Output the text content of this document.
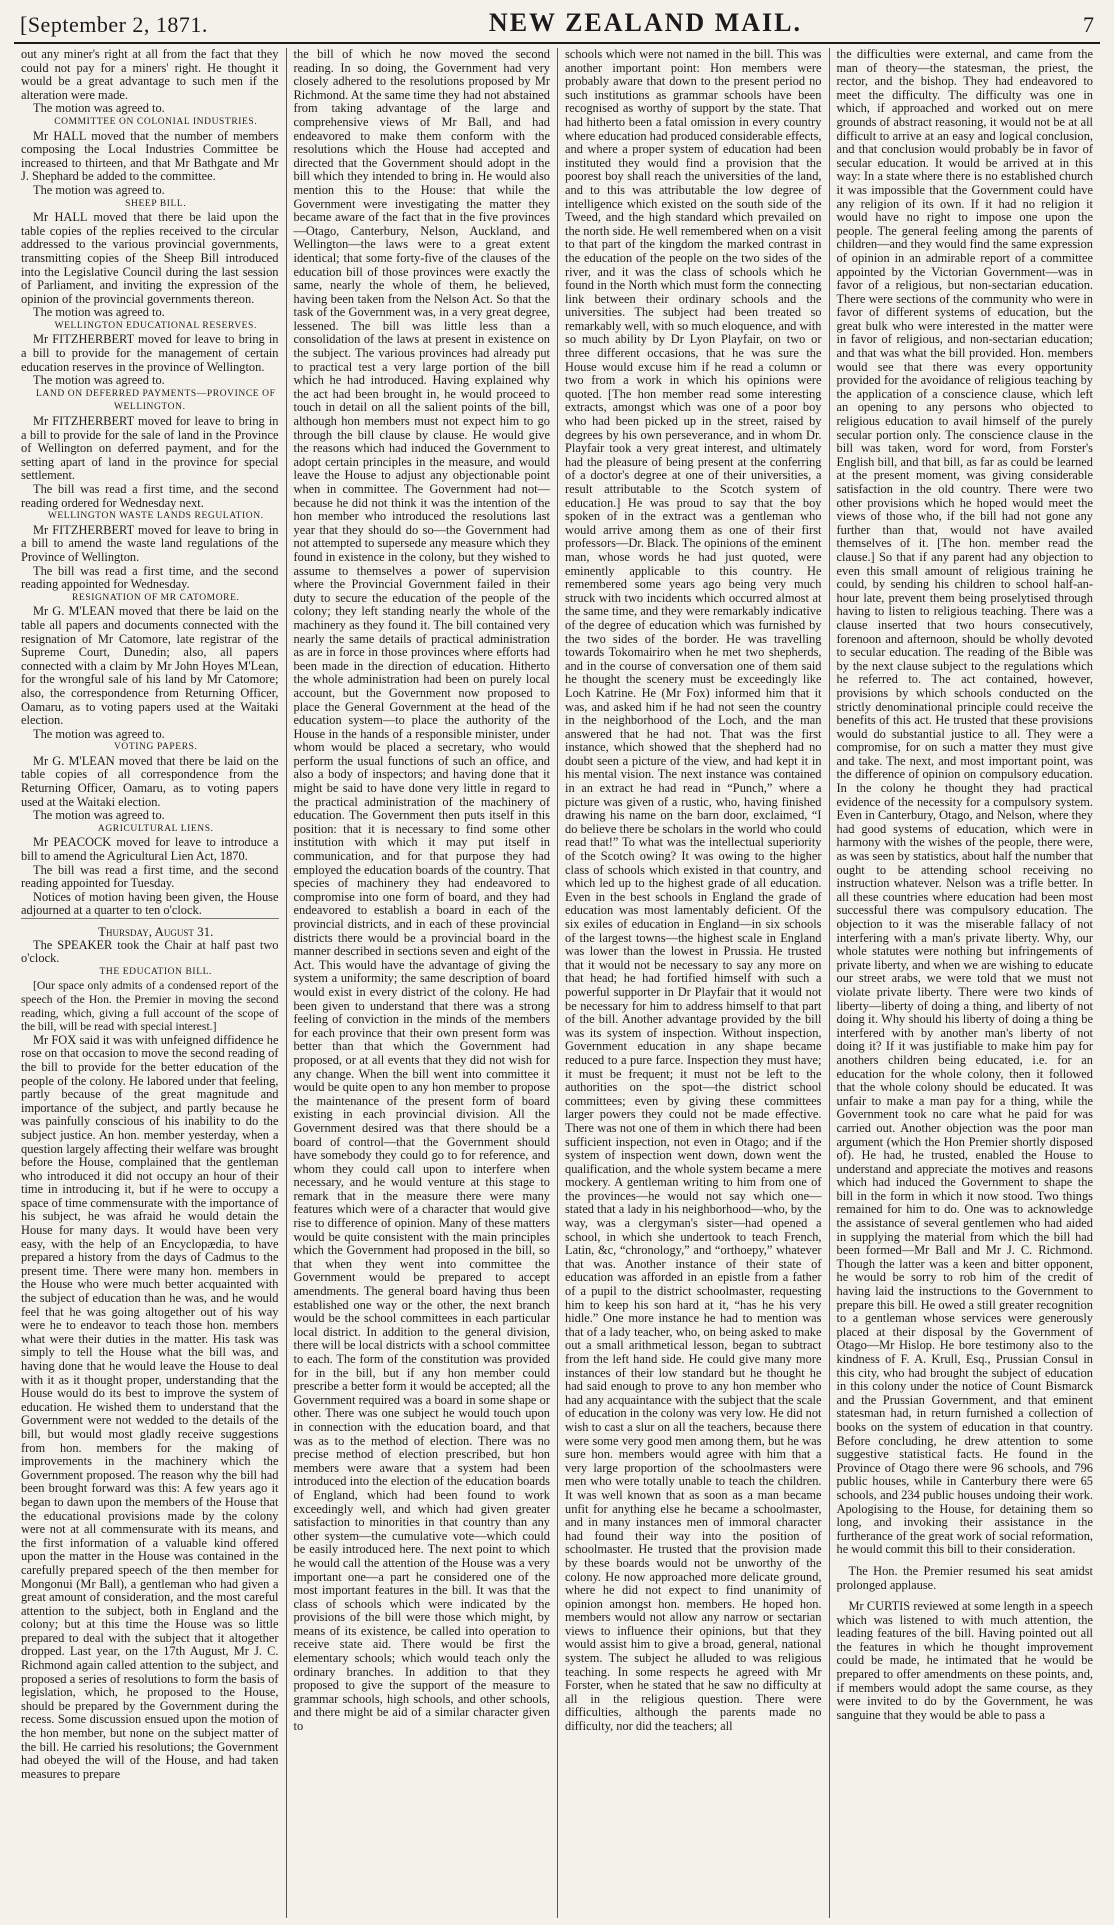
[September 2, 1871.	NEW ZEALAND MAIL.	7

out any miner's right at all from the fact that they could not pay for a miners' right. He thought it would be a great advantage to such men if the alteration were made.

The motion was agreed to.

COMMITTEE ON COLONIAL INDUSTRIES.

Mr HALL moved that the number of members composing the Local Industries Committee be increased to thirteen, and that Mr Bathgate and Mr J. Shephard be added to the committee.

The motion was agreed to.

SHEEP BILL.

Mr HALL moved that there be laid upon the table copies of the replies received to the circular addressed to the various provincial governments, transmitting copies of the Sheep Bill introduced into the Legislative Council during the last session of Parliament, and inviting the expression of the opinion of the provincial governments thereon.

The motion was agreed to.

WELLINGTON EDUCATIONAL RESERVES.

Mr FITZHERBERT moved for leave to bring in a bill to provide for the management of certain education reserves in the province of Wellington.

The motion was agreed to.

LAND ON DEFERRED PAYMENTS—PROVINCE OF WELLINGTON.

Mr FITZHERBERT moved for leave to bring in a bill to provide for the sale of land in the Province of Wellington on deferred payment, and for the setting apart of land in the province for special settlement.

The bill was read a first time, and the second reading ordered for Wednesday next.

WELLINGTON WASTE LANDS REGULATION.

Mr FITZHERBERT moved for leave to bring in a bill to amend the waste land regulations of the Province of Wellington.

The bill was read a first time, and the second reading appointed for Wednesday.

RESIGNATION OF MR CATOMORE.

Mr G. M'LEAN moved that there be laid on the table all papers and documents connected with the resignation of Mr Catomore, late registrar of the Supreme Court, Dunedin; also, all papers connected with a claim by Mr John Hoyes M'Lean, for the wrongful sale of his land by Mr Catomore; also, the correspondence from Returning Officer, Oamaru, as to voting papers used at the Waitaki election.

The motion was agreed to.

VOTING PAPERS.

Mr G. M'LEAN moved that there be laid on the table copies of all correspondence from the Returning Officer, Oamaru, as to voting papers used at the Waitaki election.

The motion was agreed to.

AGRICULTURAL LIENS.

Mr PEACOCK moved for leave to introduce a bill to amend the Agricultural Lien Act, 1870.

The bill was read a first time, and the second reading appointed for Tuesday.

Notices of motion having been given, the House adjourned at a quarter to ten o'clock.

Thursday, August 31.

The SPEAKER took the Chair at half past two o'clock.

THE EDUCATION BILL.

[Our space only admits of a condensed report of the speech of the Hon. the Premier in moving the second reading, which, giving a full account of the scope of the bill, will be read with special interest.]

Mr FOX said it was with unfeigned diffidence he rose on that occasion to move the second reading of the bill to provide for the better education of the people of the colony. He labored under that feeling, partly because of the great magnitude and importance of the subject, and partly because he was painfully conscious of his inability to do the subject justice. An hon. member yesterday, when a question largely affecting their welfare was brought before the House, complained that the gentleman who introduced it did not occupy an hour of their time in introducing it, but if he were to occupy a space of time commensurate with the importance of his subject, he was afraid he would detain the House for many days. It would have been very easy, with the help of an Encyclopædia, to have prepared a history from the days of Cadmus to the present time. There were many hon. members in the House who were much better acquainted with the subject of education than he was, and he would feel that he was going altogether out of his way were he to endeavor to teach those hon. members what were their duties in the matter. His task was simply to tell the House what the bill was, and having done that he would leave the House to deal with it as it thought proper, understanding that the House would do its best to improve the system of education. He wished them to understand that the Government were not wedded to the details of the bill, but would most gladly receive suggestions from hon. members for the making of improvements in the machinery which the Government proposed. The reason why the bill had been brought forward was this: A few years ago it began to dawn upon the members of the House that the educational provisions made by the colony were not at all commensurate with its means, and the first information of a valuable kind offered upon the matter in the House was contained in the carefully prepared speech of the then member for Mongonui (Mr Ball), a gentleman who had given a great amount of consideration, and the most careful attention to the subject, both in England and the colony; but at this time the House was so little prepared to deal with the subject that it altogether dropped. Last year, on the 17th August, Mr J. C. Richmond again called attention to the subject, and proposed a series of resolutions to form the basis of legislation, which, he proposed to the House, should be prepared by the Government during the recess. Some discussion ensued upon the motion of the hon member, but none on the subject matter of the bill. He carried his resolutions; the Government had obeyed the will of the House, and had taken measures to prepare

the bill of which he now moved the second reading. In so doing, the Government had very closely adhered to the resolutions proposed by Mr Richmond. At the same time they had not abstained from taking advantage of the large and comprehensive views of Mr Ball, and had endeavored to make them conform with the resolutions which the House had accepted and directed that the Government should adopt in the bill which they intended to bring in. He would also mention this to the House: that while the Government were investigating the matter they became aware of the fact that in the five provinces—Otago, Canterbury, Nelson, Auckland, and Wellington—the laws were to a great extent identical; that some forty-five of the clauses of the education bill of those provinces were exactly the same, nearly the whole of them, he believed, having been taken from the Nelson Act. So that the task of the Government was, in a very great degree, lessened. The bill was little less than a consolidation of the laws at present in existence on the subject. The various provinces had already put to practical test a very large portion of the bill which he had introduced. Having explained why the act had been brought in, he would proceed to touch in detail on all the salient points of the bill, although hon members must not expect him to go through the bill clause by clause. He would give the reasons which had induced the Government to adopt certain principles in the measure, and would leave the House to adjust any objectionable point when in committee. The Government had not—because he did not think it was the intention of the hon member who introduced the resolutions last year that they should do so—the Government had not attempted to supersede any measure which they found in existence in the colony, but they wished to assume to themselves a power of supervision where the Provincial Government failed in their duty to secure the education of the people of the colony; they left standing nearly the whole of the machinery as they found it. The bill contained very nearly the same details of practical administration as are in force in those provinces where efforts had been made in the direction of education. Hitherto the whole administration had been on purely local account, but the Government now proposed to place the General Government at the head of the education system—to place the authority of the House in the hands of a responsible minister, under whom would be placed a secretary, who would perform the usual functions of such an office, and also a body of inspectors; and having done that it might be said to have done very little in regard to the practical administration of the machinery of education. The Government then puts itself in this position: that it is necessary to find some other institution with which it may put itself in communication, and for that purpose they had employed the education boards of the country. That species of machinery they had endeavored to compromise into one form of board, and they had endeavored to establish a board in each of the provincial districts, and in each of these provincial districts there would be a provincial board in the manner described in sections seven and eight of the Act. This would have the advantage of giving the system a uniformity; the same description of board would exist in every district of the colony. He had been given to understand that there was a strong feeling of conviction in the minds of the members for each province that their own present form was better than that which the Government had proposed, or at all events that they did not wish for any change. When the bill went into committee it would be quite open to any hon member to propose the maintenance of the present form of board existing in each provincial division. All the Government desired was that there should be a board of control—that the Government should have somebody they could go to for reference, and whom they could call upon to interfere when necessary, and he would venture at this stage to remark that in the measure there were many features which were of a character that would give rise to difference of opinion. Many of these matters would be quite consistent with the main principles which the Government had proposed in the bill, so that when they went into committee the Government would be prepared to accept amendments. The general board having thus been established one way or the other, the next branch would be the school committees in each particular local district. In addition to the general division, there will be local districts with a school committee to each. The form of the constitution was provided for in the bill, but if any hon member could prescribe a better form it would be accepted; all the Government required was a board in some shape or other. There was one subject he would touch upon in connection with the education board, and that was as to the method of election. There was no precise method of election prescribed, but hon members were aware that a system had been introduced into the election of the education boards of England, which had been found to work exceedingly well, and which had given greater satisfaction to minorities in that country than any other system—the cumulative vote—which could be easily introduced here. The next point to which he would call the attention of the House was a very important one—a part he considered one of the most important features in the bill. It was that the class of schools which were indicated by the provisions of the bill were those which might, by means of its existence, be called into operation to receive state aid. There would be first the elementary schools; which would teach only the ordinary branches. In addition to that they proposed to give the support of the measure to grammar schools, high schools, and other schools, and there might be aid of a similar character given to

schools which were not named in the bill. This was another important point: Hon members were probably aware that down to the present period no such institutions as grammar schools have been recognised as worthy of support by the state. That had hitherto been a fatal omission in every country where education had produced considerable effects, and where a proper system of education had been instituted they would find a provision that the poorest boy shall reach the universities of the land, and to this was attributable the low degree of intelligence which existed on the south side of the Tweed, and the high standard which prevailed on the north side. He well remembered when on a visit to that part of the kingdom the marked contrast in the education of the people on the two sides of the river, and it was the class of schools which he found in the North which must form the connecting link between their ordinary schools and the universities. The subject had been treated so remarkably well, with so much eloquence, and with so much ability by Dr Lyon Playfair, on two or three different occasions, that he was sure the House would excuse him if he read a column or two from a work in which his opinions were quoted. [The hon member read some interesting extracts, amongst which was one of a poor boy who had been picked up in the street, raised by degrees by his own perseverance, and in whom Dr. Playfair took a very great interest, and ultimately had the pleasure of being present at the conferring of a doctor's degree at one of their universities, a result attributable to the Scotch system of education.] He was proud to say that the boy spoken of in the extract was a gentleman who would arrive among them as one of their first professors—Dr. Black. The opinions of the eminent man, whose words he had just quoted, were eminently applicable to this country. He remembered some years ago being very much struck with two incidents which occurred almost at the same time, and they were remarkably indicative of the degree of education which was furnished by the two sides of the border. He was travelling towards Tokomairiro when he met two shepherds, and in the course of conversation one of them said he thought the scenery must be exceedingly like Loch Katrine. He (Mr Fox) informed him that it was, and asked him if he had not seen the country in the neighborhood of the Loch, and the man answered that he had not. That was the first instance, which showed that the shepherd had no doubt seen a picture of the view, and had kept it in his mental vision. The next instance was contained in an extract he had read in “Punch,” where a picture was given of a rustic, who, having finished drawing his name on the barn door, exclaimed, “I do believe there be scholars in the world who could read that!” To what was the intellectual superiority of the Scotch owing? It was owing to the higher class of schools which existed in that country, and which led up to the highest grade of all education. Even in the best schools in England the grade of education was most lamentably deficient. Of the six exiles of education in England—in six schools of the largest towns—the highest scale in England was lower than the lowest in Prussia. He trusted that it would not be necessary to say any more on that head; he had fortified himself with such a powerful supporter in Dr Playfair that it would not be necessary for him to address himself to that part of the bill. Another advantage provided by the bill was its system of inspection. Without inspection, Government education in any shape became reduced to a pure farce. Inspection they must have; it must be frequent; it must not be left to the authorities on the spot—the district school committees; even by giving these committees larger powers they could not be made effective. There was not one of them in which there had been sufficient inspection, not even in Otago; and if the system of inspection went down, down went the qualification, and the whole system became a mere mockery. A gentleman writing to him from one of the provinces—he would not say which one—stated that a lady in his neighborhood—who, by the way, was a clergyman's sister—had opened a school, in which she undertook to teach French, Latin, &c, “chronology,” and “orthoepy,” whatever that was. Another instance of their state of education was afforded in an epistle from a father of a pupil to the district schoolmaster, requesting him to keep his son hard at it, “has he his very hidle.” One more instance he had to mention was that of a lady teacher, who, on being asked to make out a small arithmetical lesson, began to subtract from the left hand side. He could give many more instances of their low standard but he thought he had said enough to prove to any hon member who had any acquaintance with the subject that the scale of education in the colony was very low. He did not wish to cast a slur on all the teachers, because there were some very good men among them, but he was sure hon. members would agree with him that a very large proportion of the schoolmasters were men who were totally unable to teach the children. It was well known that as soon as a man became unfit for anything else he became a schoolmaster, and in many instances men of immoral character had found their way into the position of schoolmaster. He trusted that the provision made by these boards would not be unworthy of the colony. He now approached more delicate ground, where he did not expect to find unanimity of opinion amongst hon. members. He hoped hon. members would not allow any narrow or sectarian views to influence their opinions, but that they would assist him to give a broad, general, national system. The subject he alluded to was religious teaching. In some respects he agreed with Mr Forster, when he stated that he saw no difficulty at all in the religious question. There were difficulties, although the parents made no difficulty, nor did the teachers; all

the difficulties were external, and came from the man of theory—the statesman, the priest, the rector, and the bishop. They had endeavored to meet the difficulty. The difficulty was one in which, if approached and worked out on mere grounds of abstract reasoning, it would not be at all difficult to arrive at an easy and logical conclusion, and that conclusion would probably be in favor of secular education. It would be arrived at in this way: In a state where there is no established church it was impossible that the Government could have any religion of its own. If it had no religion it would have no right to impose one upon the people. The general feeling among the parents of children—and they would find the same expression of opinion in an admirable report of a committee appointed by the Victorian Government—was in favor of a religious, but non-sectarian education. There were sections of the community who were in favor of different systems of education, but the great bulk who were interested in the matter were in favor of religious, and non-sectarian education; and that was what the bill provided. Hon. members would see that there was every opportunity provided for the avoidance of religious teaching by the application of a conscience clause, which left an opening to any persons who objected to religious education to avail himself of the purely secular portion only. The conscience clause in the bill was taken, word for word, from Forster's English bill, and that bill, as far as could be learned at the present moment, was giving considerable satisfaction in the old country. There were two other provisions which he hoped would meet the views of those who, if the bill had not gone any further than that, would not have availed themselves of it. [The hon. member read the clause.] So that if any parent had any objection to even this small amount of religious training he could, by sending his children to school half-an-hour late, prevent them being proselytised through having to listen to religious teaching. There was a clause inserted that two hours consecutively, forenoon and afternoon, should be wholly devoted to secular education. The reading of the Bible was by the next clause subject to the regulations which he referred to. The act contained, however, provisions by which schools conducted on the strictly denominational principle could receive the benefits of this act. He trusted that these provisions would do substantial justice to all. They were a compromise, for on such a matter they must give and take. The next, and most important point, was the difference of opinion on compulsory education. In the colony he thought they had practical evidence of the necessity for a compulsory system. Even in Canterbury, Otago, and Nelson, where they had good systems of education, which were in harmony with the wishes of the people, there were, as was seen by statistics, about half the number that ought to be attending school receiving no instruction whatever. Nelson was a trifle better. In all these countries where education had been most successful there was compulsory education. The objection to it was the miserable fallacy of not interfering with a man's private liberty. Why, our whole statutes were nothing but infringements of private liberty, and when we are wishing to educate our street arabs, we were told that we must not violate private liberty. There were two kinds of liberty—liberty of doing a thing, and liberty of not doing it. Why should his liberty of doing a thing be interfered with by another man's liberty of not doing it? If it was justifiable to make him pay for anothers children being educated, i.e. for an education for the whole colony, then it followed that the whole colony should be educated. It was unfair to make a man pay for a thing, while the Government took no care what he paid for was carried out. Another objection was the poor man argument (which the Hon Premier shortly disposed of). He had, he trusted, enabled the House to understand and appreciate the motives and reasons which had induced the Government to shape the bill in the form in which it now stood. Two things remained for him to do. One was to acknowledge the assistance of several gentlemen who had aided in supplying the material from which the bill had been formed—Mr Ball and Mr J. C. Richmond. Though the latter was a keen and bitter opponent, he would be sorry to rob him of the credit of having laid the instructions to the Government to prepare this bill. He owed a still greater recognition to a gentleman whose services were generously placed at their disposal by the Government of Otago—Mr Hislop. He bore testimony also to the kindness of F. A. Krull, Esq., Prussian Consul in this city, who had brought the subject of education in this colony under the notice of Count Bismarck and the Prussian Government, and that eminent statesman had, in return furnished a collection of books on the system of education in that country. Before concluding, he drew attention to some suggestive statistical facts. He found in the Province of Otago there were 96 schools, and 796 public houses, while in Canterbury there were 65 schools, and 234 public houses undoing their work. Apologising to the House, for detaining them so long, and invoking their assistance in the furtherance of the great work of social reformation, he would commit this bill to their consideration.

The Hon. the Premier resumed his seat amidst prolonged applause.

Mr CURTIS reviewed at some length in a speech which was listened to with much attention, the leading features of the bill. Having pointed out all the features in which he thought improvement could be made, he intimated that he would be prepared to offer amendments on these points, and, if members would adopt the same course, as they were invited to do by the Government, he was sanguine that they would be able to pass a
